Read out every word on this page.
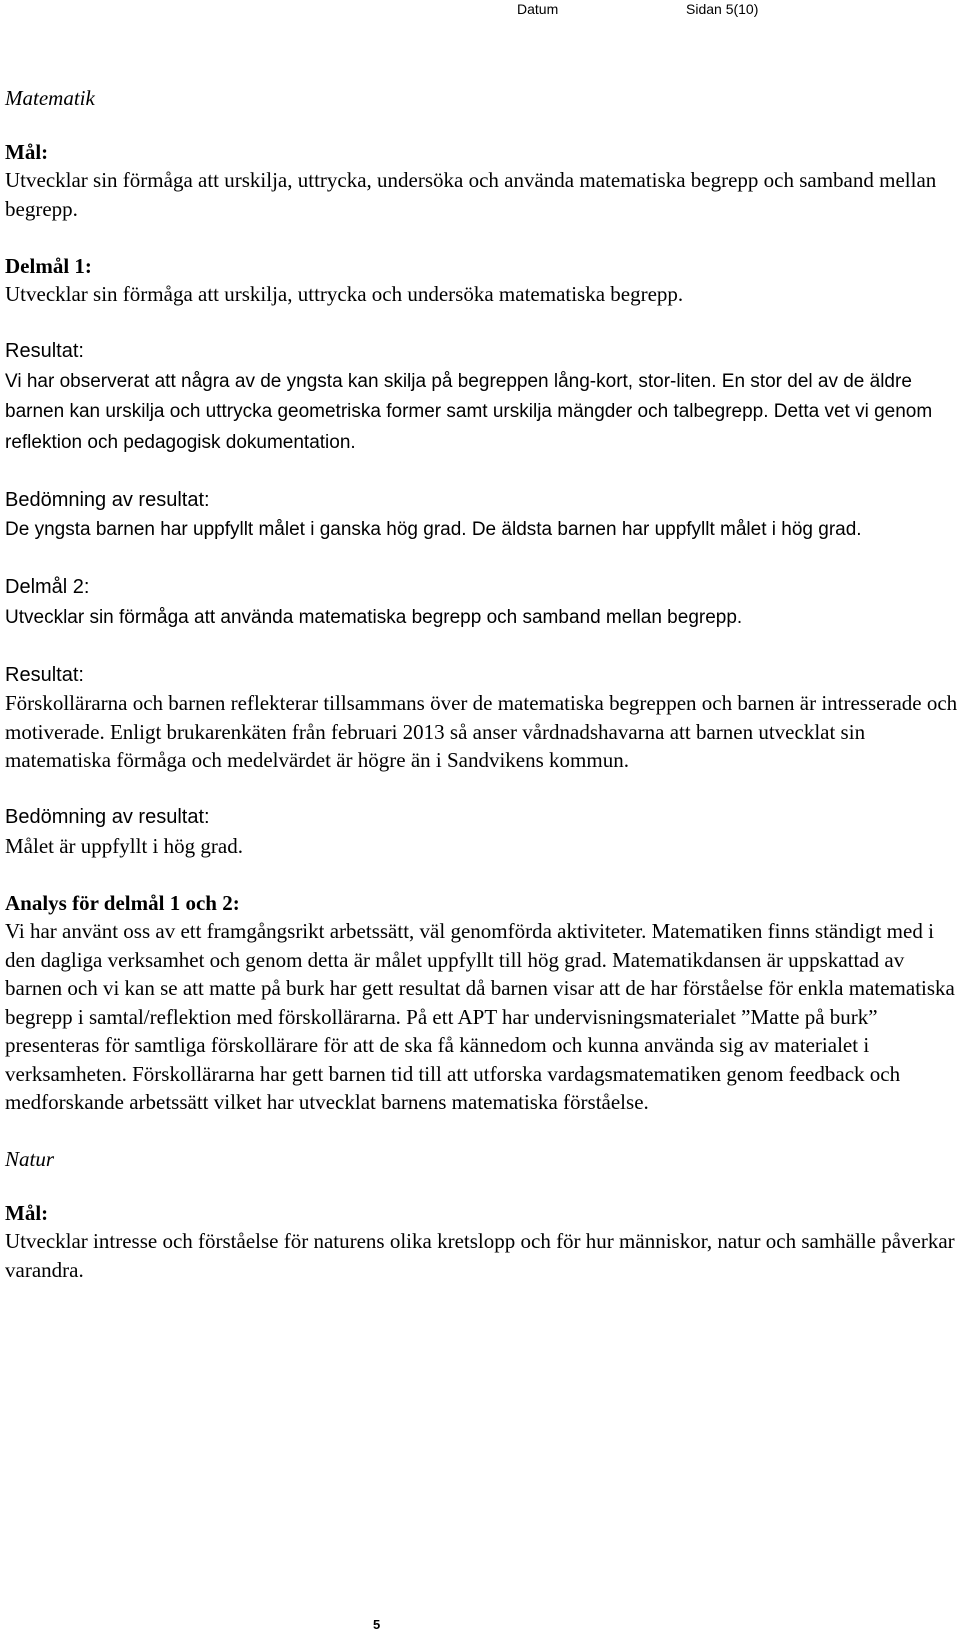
Datum	Sidan 5(10)

Matematik

Mål:
Utvecklar sin förmåga att urskilja, uttrycka, undersöka och använda matematiska begrepp och samband mellan begrepp.

Delmål 1:
Utvecklar sin förmåga att urskilja, uttrycka och undersöka matematiska begrepp.

Resultat:
Vi har observerat att några av de yngsta kan skilja på begreppen lång-kort, stor-liten. En stor del av de äldre barnen kan urskilja och uttrycka geometriska former samt urskilja mängder och talbegrepp. Detta vet vi genom reflektion och pedagogisk dokumentation.

Bedömning av resultat:
De yngsta barnen har uppfyllt målet i ganska hög grad. De äldsta barnen har uppfyllt målet i hög grad.

Delmål 2:
Utvecklar sin förmåga att använda matematiska begrepp och samband mellan begrepp.

Resultat:
Förskollärarna och barnen reflekterar tillsammans över de matematiska begreppen och barnen är intresserade och motiverade. Enligt brukarenkäten från februari 2013 så anser vårdnadshavarna att barnen utvecklat sin matematiska förmåga och medelvärdet är högre än i Sandvikens kommun.

Bedömning av resultat:
Målet är uppfyllt i hög grad.

Analys för delmål 1 och 2:
Vi har använt oss av ett framgångsrikt arbetssätt, väl genomförda aktiviteter. Matematiken finns ständigt med i den dagliga verksamhet och genom detta är målet uppfyllt till hög grad. Matematikdansen är uppskattad av barnen och vi kan se att matte på burk har gett resultat då barnen visar att de har förståelse för enkla matematiska begrepp i samtal/reflektion med förskollärarna. På ett APT har undervisningsmaterialet ”Matte på burk” presenteras för samtliga förskollärare för att de ska få kännedom och kunna använda sig av materialet i verksamheten. Förskollärarna har gett barnen tid till att utforska vardagsmatematiken genom feedback och medforskande arbetssätt vilket har utvecklat barnens matematiska förståelse.

Natur

Mål:
Utvecklar intresse och förståelse för naturens olika kretslopp och för hur människor, natur och samhälle påverkar varandra.

5
